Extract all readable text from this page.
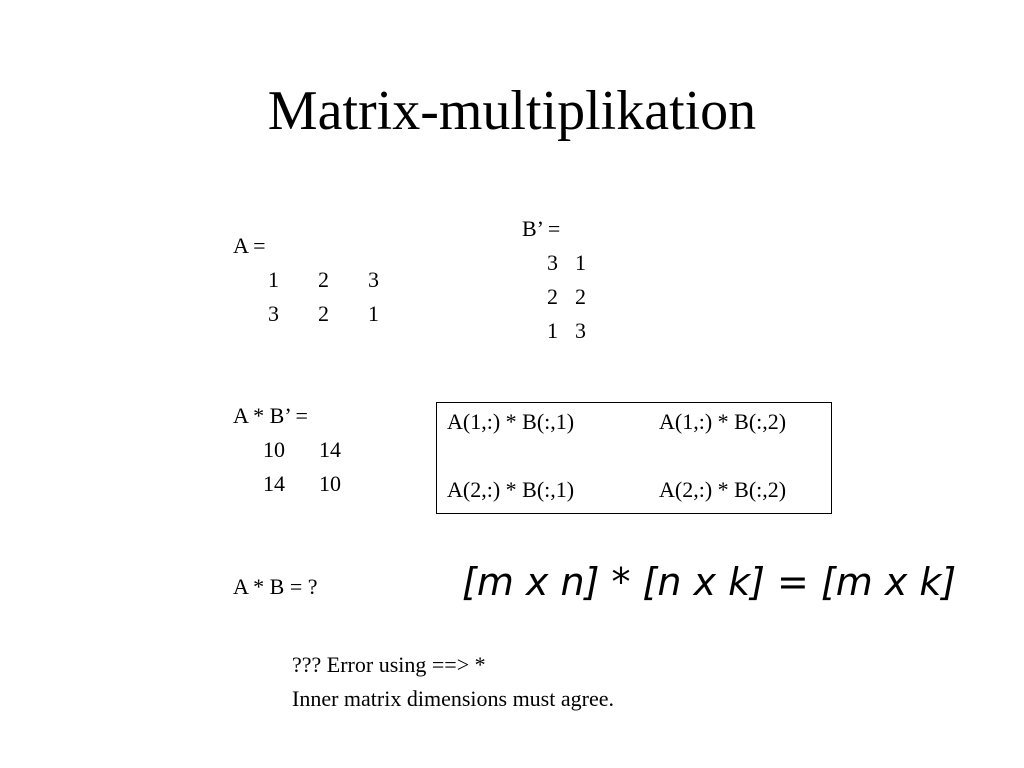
Matrix-multiplikation
A =
1 2 3
3 2 1
B’ =
3 1
2 2
1 3
A * B’ =
10 14
14 10
A(1,:) * B(:,1)	A(1,:) * B(:,2)
A(2,:) * B(:,1)	A(2,:) * B(:,2)
A * B = ?	[m x n] * [n x k] = [m x k]
??? Error using ==> *
Inner matrix dimensions must agree.
